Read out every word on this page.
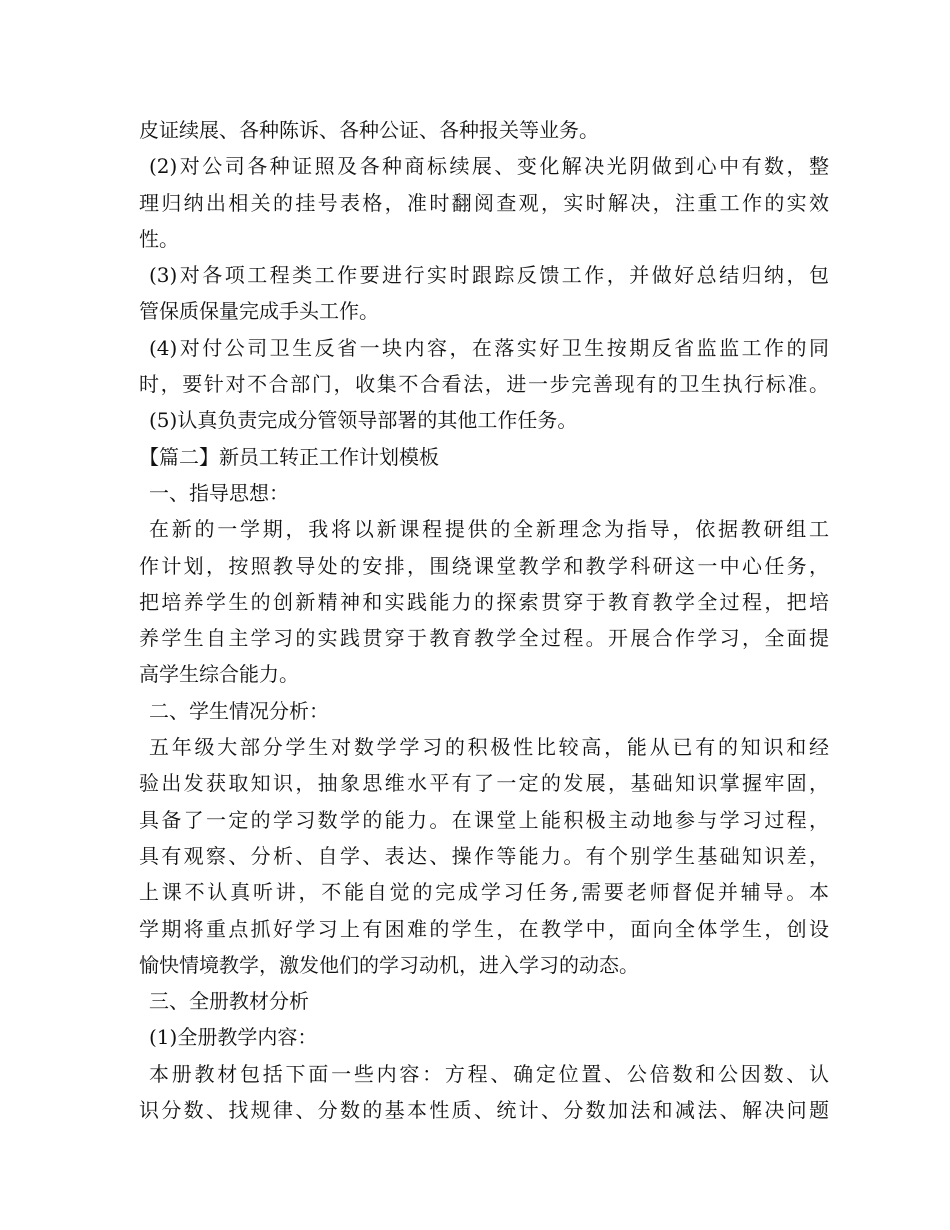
皮证续展、各种陈诉、各种公证、各种报关等业务。
(2)对公司各种证照及各种商标续展、变化解决光阴做到心中有数，整
理归纳出相关的挂号表格，准时翻阅查观，实时解决，注重工作的实效
性。
(3)对各项工程类工作要进行实时跟踪反馈工作，并做好总结归纳，包
管保质保量完成手头工作。
(4)对付公司卫生反省一块内容，在落实好卫生按期反省监监工作的同
时，要针对不合部门，收集不合看法，进一步完善现有的卫生执行标准。
(5)认真负责完成分管领导部署的其他工作任务。
【篇二】新员工转正工作计划模板
一、指导思想：
在新的一学期，我将以新课程提供的全新理念为指导，依据教研组工
作计划，按照教导处的安排，围绕课堂教学和教学科研这一中心任务，
把培养学生的创新精神和实践能力的探索贯穿于教育教学全过程，把培
养学生自主学习的实践贯穿于教育教学全过程。开展合作学习，全面提
高学生综合能力。
二、学生情况分析：
五年级大部分学生对数学学习的积极性比较高，能从已有的知识和经
验出发获取知识，抽象思维水平有了一定的发展，基础知识掌握牢固，
具备了一定的学习数学的能力。在课堂上能积极主动地参与学习过程，
具有观察、分析、自学、表达、操作等能力。有个别学生基础知识差，
上课不认真听讲，不能自觉的完成学习任务,需要老师督促并辅导。本
学期将重点抓好学习上有困难的学生，在教学中，面向全体学生，创设
愉快情境教学，激发他们的学习动机，进入学习的动态。
三、全册教材分析
(1)全册教学内容：
本册教材包括下面一些内容：方程、确定位置、公倍数和公因数、认
识分数、找规律、分数的基本性质、统计、分数加法和减法、解决问题
